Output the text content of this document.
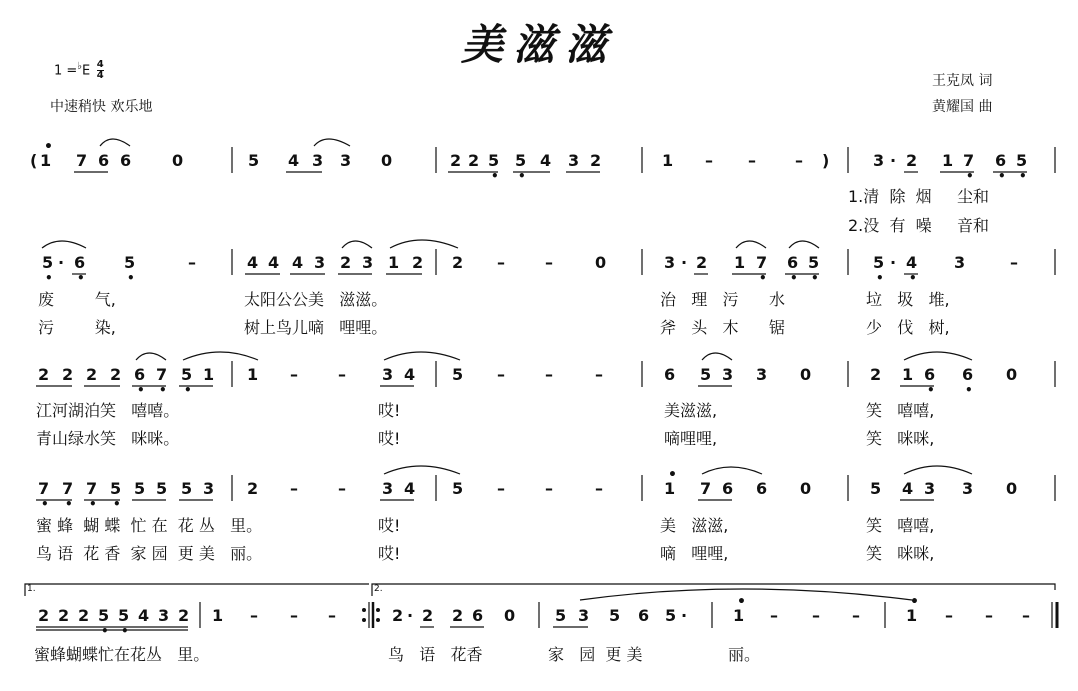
美滋滋
$1 =^♭E \frac{4}{4}$
中速稍快 欢乐地
王克凤 词
黄耀国 曲
1.	2.
( 1
•
7 6 6	0	5 4 3 3 0	2 2 5
•
5
•
4 3 2	1 – – – )	3 · 2 1 7
•
6
•
5
•
5
•
· 6
•
5
•
–	4 4 4 3 2 3 1 2 2 –	–	0	3 · 2 1 7
•
6
•
5
•
5
•
· 4
•
3	–
2 2 2 2 6
•
7
•
5
•
1 1 –	– 3 4 5 –	–	–	6 5 3 3 0	2 1 6
•
6
•
0
7
•
7
•
7
•
5
•
5 5 5 3 2 –	– 3 4 5 –	–	–	1
•
7 6 6 0	5 4 3 3 0
2 2 2 5
•
5
•
4 3 2 1 – – –	2 · 2 2 6 0 5 3 5 6 5 ·	1
•
– – –	1
•
– – –
1.清  除  烟     尘和
2.没  有  噪     音和
废        气,	太阳公公美   滋滋。	治   理   污      水	垃   圾   堆,
污        染,	树上鸟儿嘀   哩哩。	斧   头   木      锯	少   伐   树,
江河湖泊笑   嘻嘻。	哎!	美滋滋,	笑   嘻嘻,
青山绿水笑   咪咪。	哎!	嘀哩哩,	笑   咪咪,
蜜 蜂  蝴 蝶  忙 在  花 丛   里。	哎!	美   滋滋,	笑   嘻嘻,
鸟 语  花 香  家 园  更 美   丽。	哎!	嘀   哩哩,	笑   咪咪,
蜜蜂蝴蝶忙在花丛   里。	鸟   语   花香	家   园  更 美	丽。
